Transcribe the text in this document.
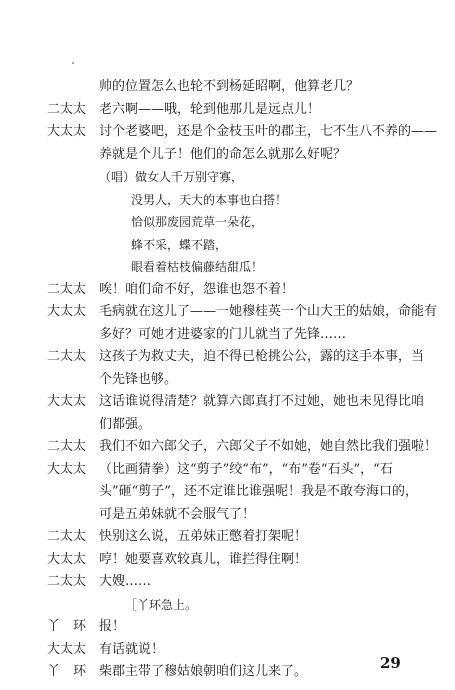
帅的位置怎么也轮不到杨延昭啊，他算老几？
二太太 老六啊——哦，轮到他那儿是远点儿！
大太太 讨个老婆吧，还是个金枝玉叶的郡主，七不生八不养的——
养就是个儿子！他们的命怎么就那么好呢？
（唱）做女人千万别守寡，
没男人，天大的本事也白搭！
恰似那废园荒草一朵花，
蜂不采，蝶不踏，
眼看着枯枝偏藤结甜瓜！
二太太 唉！咱们命不好，怨谁也怨不着！
大太太 毛病就在这儿了——一她穆桂英一个山大王的姑娘，命能有
多好？可她才进婆家的门儿就当了先锋……
二太太 这孩子为救丈夫，迫不得已枪挑公公，露的这手本事，当
个先锋也够。
大太太 这话谁说得清楚？就算六郎真打不过她，她也未见得比咱
们都强。
二太太 我们不如六郎父子，六郎父子不如她，她自然比我们强啦！
大太太 （比画猜拳）这“剪子”绞“布”，“布”卷“石头”，“石
头”砸“剪子”，还不定谁比谁强呢！我是不敢夸海口的，
可是五弟妹就不会服气了！
二太太 快别这么说，五弟妹正憋着打架呢！
大太太 哼！她要喜欢较真儿，谁拦得住啊！
二太太 大嫂……
［丫环急上。
丫　环 报！
大太太 有话就说！
丫　环 柴郡主带了穆姑娘朝咱们这儿来了。	29
